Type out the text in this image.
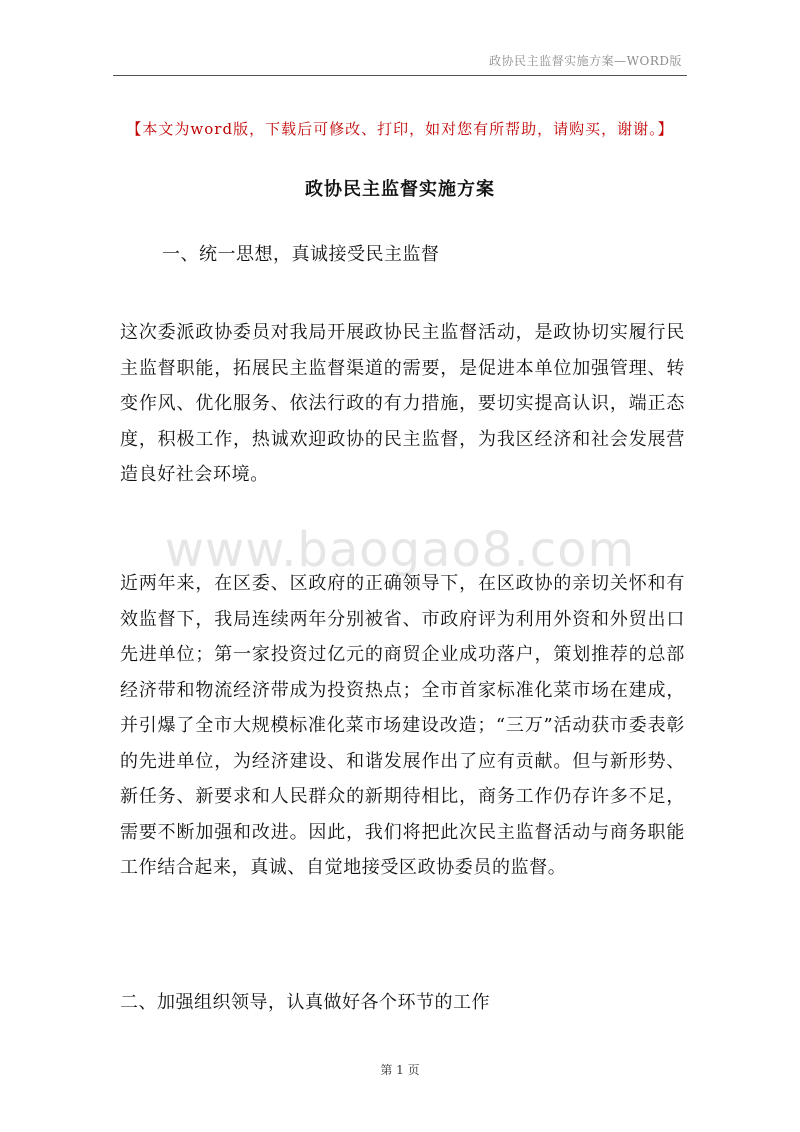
政协民主监督实施方案—WORD版
【本文为word版，下载后可修改、打印，如对您有所帮助，请购买，谢谢。】
政协民主监督实施方案
一、统一思想，真诚接受民主监督
这次委派政协委员对我局开展政协民主监督活动，是政协切实履行民主监督职能，拓展民主监督渠道的需要，是促进本单位加强管理、转变作风、优化服务、依法行政的有力措施，要切实提高认识，端正态度，积极工作，热诚欢迎政协的民主监督，为我区经济和社会发展营造良好社会环境。
www.baogao8.com
近两年来，在区委、区政府的正确领导下，在区政协的亲切关怀和有效监督下，我局连续两年分别被省、市政府评为利用外资和外贸出口先进单位；第一家投资过亿元的商贸企业成功落户，策划推荐的总部经济带和物流经济带成为投资热点；全市首家标准化菜市场在建成，并引爆了全市大规模标准化菜市场建设改造；“三万”活动获市委表彰的先进单位，为经济建设、和谐发展作出了应有贡献。但与新形势、新任务、新要求和人民群众的新期待相比，商务工作仍存许多不足，需要不断加强和改进。因此，我们将把此次民主监督活动与商务职能工作结合起来，真诚、自觉地接受区政协委员的监督。
二、加强组织领导，认真做好各个环节的工作
第 1 页
